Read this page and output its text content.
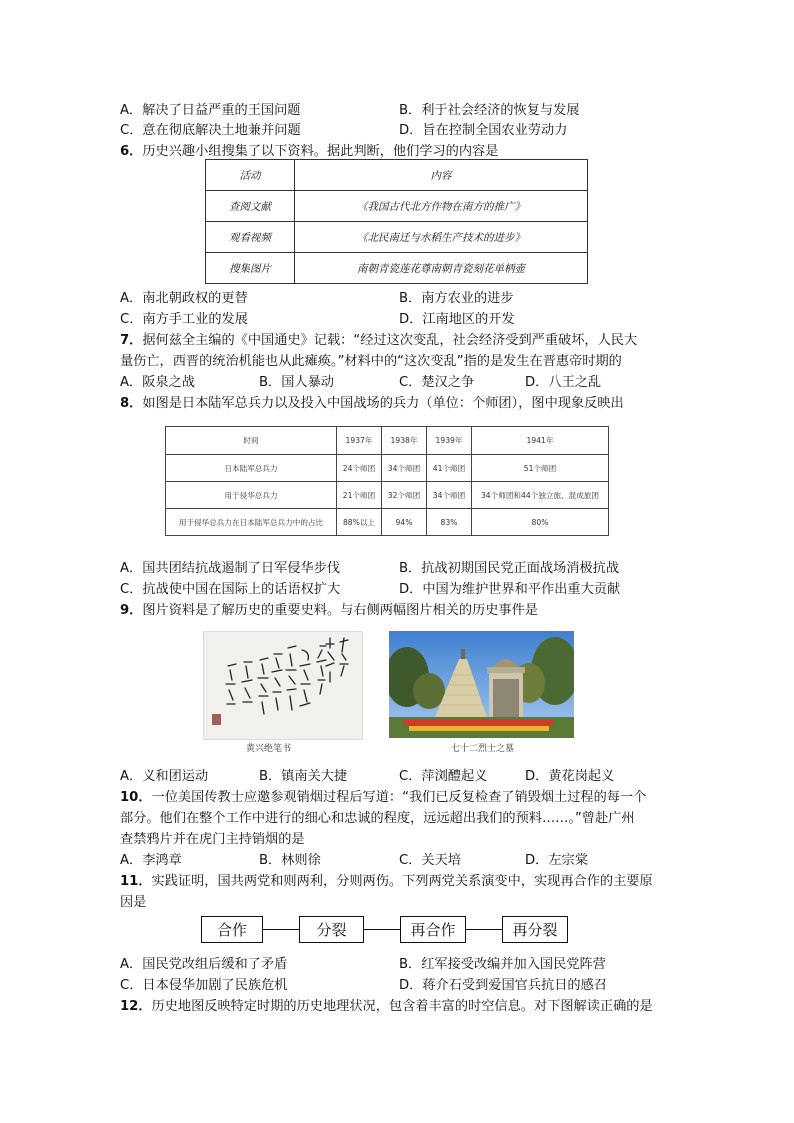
A．解决了日益严重的王国问题	B．利于社会经济的恢复与发展
C．意在彻底解决土地兼并问题	D．旨在控制全国农业劳动力
6．历史兴趣小组搜集了以下资料。据此判断，他们学习的内容是
活动	内容
查阅文献	《我国古代北方作物在南方的推广》
观看视频	《北民南迁与水稻生产技术的进步》
搜集图片	南朝青瓷莲花尊南朝青瓷刻花单柄壶
A．南北朝政权的更替	B．南方农业的进步
C．南方手工业的发展	D．江南地区的开发
7．据何兹全主编的《中国通史》记载：“经过这次变乱，社会经济受到严重破坏，人民大
量伤亡，西晋的统治机能也从此瘫痪。”材料中的“这次变乱”指的是发生在晋惠帝时期的
A．阪泉之战	B．国人暴动	C．楚汉之争	D．八王之乱
8．如图是日本陆军总兵力以及投入中国战场的兵力（单位：个师团），图中现象反映出
时间	1937年	1938年	1939年	1941年
日本陆军总兵力	24个师团	34个师团	41个师团	51个师团
用于侵华总兵力	21个师团	32个师团	34个师团	34个师团和44个独立旅、混成旅团
用于侵华总兵力在日本陆军总兵力中的占比	88%以上	94%	83%	80%
A．国共团结抗战遏制了日军侵华步伐	B．抗战初期国民党正面战场消极抗战
C．抗战使中国在国际上的话语权扩大	D．中国为维护世界和平作出重大贡献
9．图片资料是了解历史的重要史料。与右侧两幅图片相关的历史事件是
黄兴绝笔书	七十二烈士之墓
A．义和团运动	B．镇南关大捷	C．萍浏醴起义	D．黄花岗起义
10．一位美国传教士应邀参观销烟过程后写道：“我们已反复检查了销毁烟土过程的每一个
部分。他们在整个工作中进行的细心和忠诚的程度，远远超出我们的预料……。”曾赴广州
查禁鸦片并在虎门主持销烟的是
A．李鸿章	B．林则徐	C．关天培	D．左宗棠
11．实践证明，国共两党和则两利，分则两伤。下列两党关系演变中，实现再合作的主要原
因是
合作	分裂	再合作	再分裂
A．国民党改组后缓和了矛盾	B．红军接受改编并加入国民党阵营
C．日本侵华加剧了民族危机	D．蒋介石受到爱国官兵抗日的感召
12．历史地图反映特定时期的历史地理状况，包含着丰富的时空信息。对下图解读正确的是
